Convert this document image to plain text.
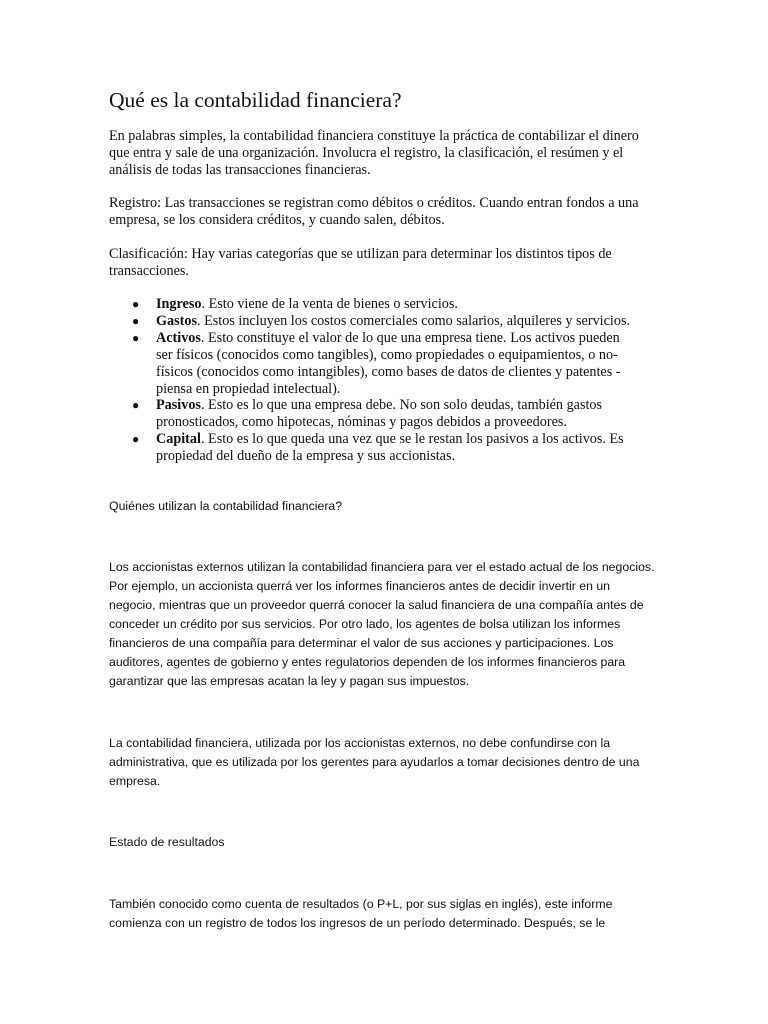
Qué es la contabilidad financiera?

En palabras simples, la contabilidad financiera constituye la práctica de contabilizar el dinero que entra y sale de una organización. Involucra el registro, la clasificación, el resúmen y el análisis de todas las transacciones financieras.

Registro: Las transacciones se registran como débitos o créditos. Cuando entran fondos a una empresa, se los considera créditos, y cuando salen, débitos.

Clasificación: Hay varias categorías que se utilizan para determinar los distintos tipos de transacciones.

● Ingreso. Esto viene de la venta de bienes o servicios.
● Gastos. Estos incluyen los costos comerciales como salarios, alquileres y servicios.
● Activos. Esto constituye el valor de lo que una empresa tiene. Los activos pueden ser físicos (conocidos como tangibles), como propiedades o equipamientos, o no-físicos (conocidos como intangibles), como bases de datos de clientes y patentes -piensa en propiedad intelectual).
● Pasivos. Esto es lo que una empresa debe. No son solo deudas, también gastos pronosticados, como hipotecas, nóminas y pagos debidos a proveedores.
● Capital. Esto es lo que queda una vez que se le restan los pasivos a los activos. Es propiedad del dueño de la empresa y sus accionistas.

Quiénes utilizan la contabilidad financiera?

Los accionistas externos utilizan la contabilidad financiera para ver el estado actual de los negocios. Por ejemplo, un accionista querrá ver los informes financieros antes de decidir invertir en un negocio, mientras que un proveedor querrá conocer la salud financiera de una compañía antes de conceder un crédito por sus servicios. Por otro lado, los agentes de bolsa utilizan los informes financieros de una compañía para determinar el valor de sus acciones y participaciones. Los auditores, agentes de gobierno y entes regulatorios dependen de los informes financieros para garantizar que las empresas acatan la ley y pagan sus impuestos.

La contabilidad financiera, utilizada por los accionistas externos, no debe confundirse con la administrativa, que es utilizada por los gerentes para ayudarlos a tomar decisiones dentro de una empresa.

Estado de resultados

También conocido como cuenta de resultados (o P+L, por sus siglas en inglés), este informe comienza con un registro de todos los ingresos de un período determinado. Después, se le
